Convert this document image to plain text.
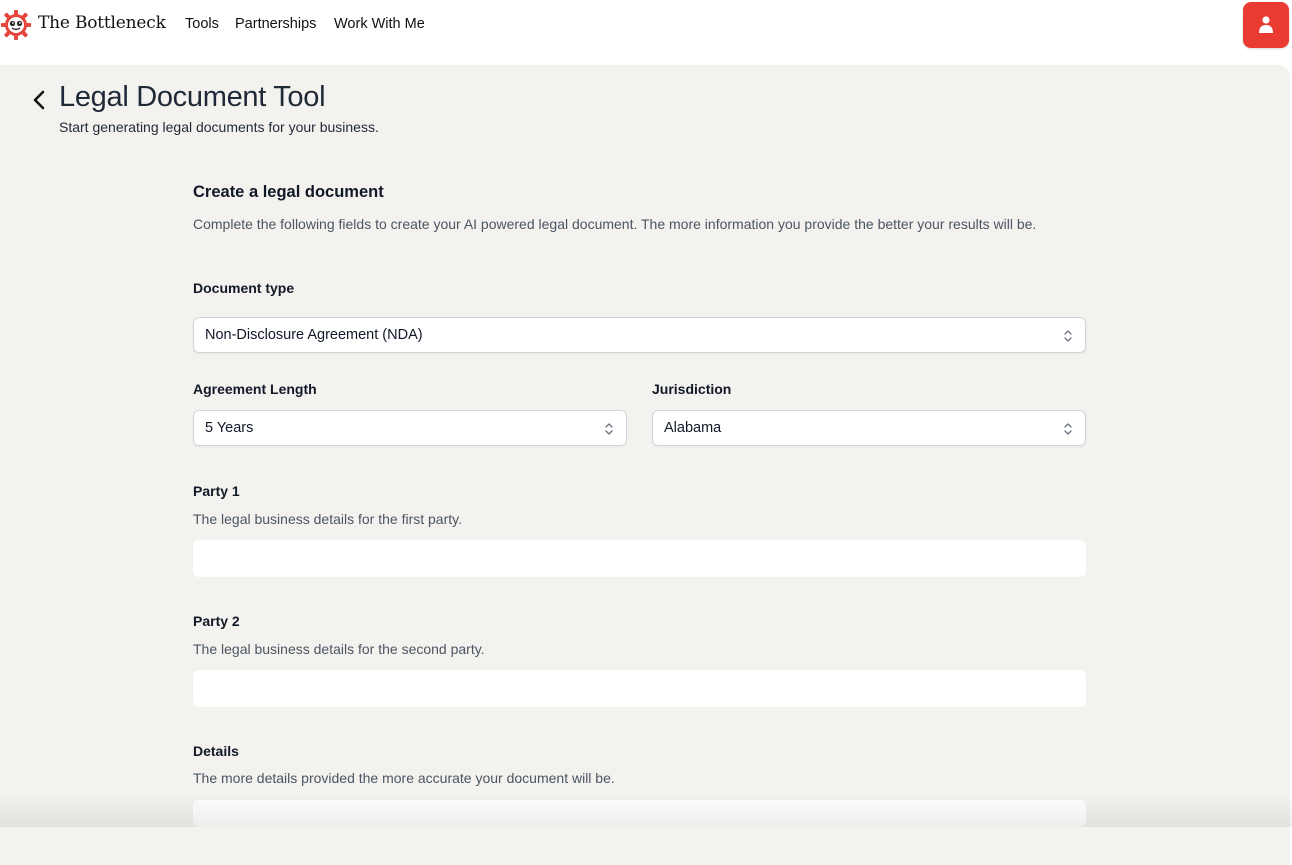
The Bottleneck Tools Partnerships Work With Me
Legal Document Tool
Start generating legal documents for your business.
Create a legal document
Complete the following fields to create your AI powered legal document. The more information you provide the better your results will be.
Document type
Non-Disclosure Agreement (NDA)
Agreement Length
5 Years
Jurisdiction
Alabama
Party 1
The legal business details for the first party.
Party 2
The legal business details for the second party.
Details
The more details provided the more accurate your document will be.
